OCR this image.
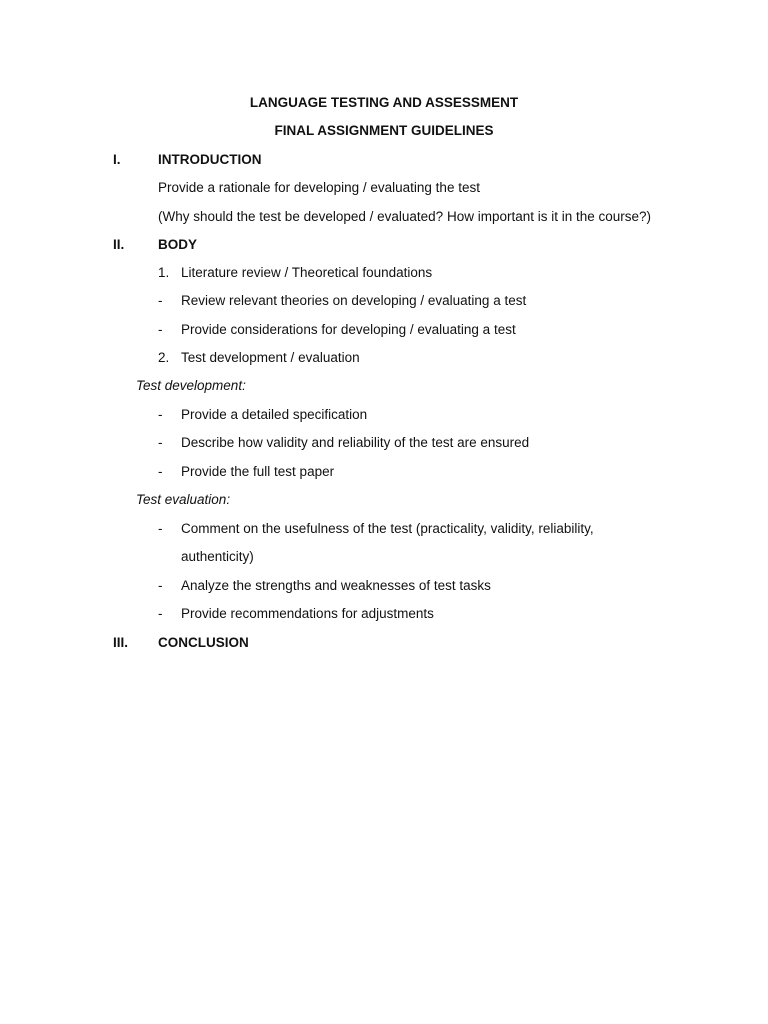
LANGUAGE TESTING AND ASSESSMENT
FINAL ASSIGNMENT GUIDELINES
I.	INTRODUCTION
Provide a rationale for developing / evaluating the test
(Why should the test be developed / evaluated? How important is it in the course?)
II. BODY
1. Literature review / Theoretical foundations
- Review relevant theories on developing / evaluating a test
- Provide considerations for developing / evaluating a test
2. Test development / evaluation
Test development:
- Provide a detailed specification
- Describe how validity and reliability of the test are ensured
- Provide the full test paper
Test evaluation:
- Comment on the usefulness of the test (practicality, validity, reliability,
authenticity)
- Analyze the strengths and weaknesses of test tasks
- Provide recommendations for adjustments
III. CONCLUSION
